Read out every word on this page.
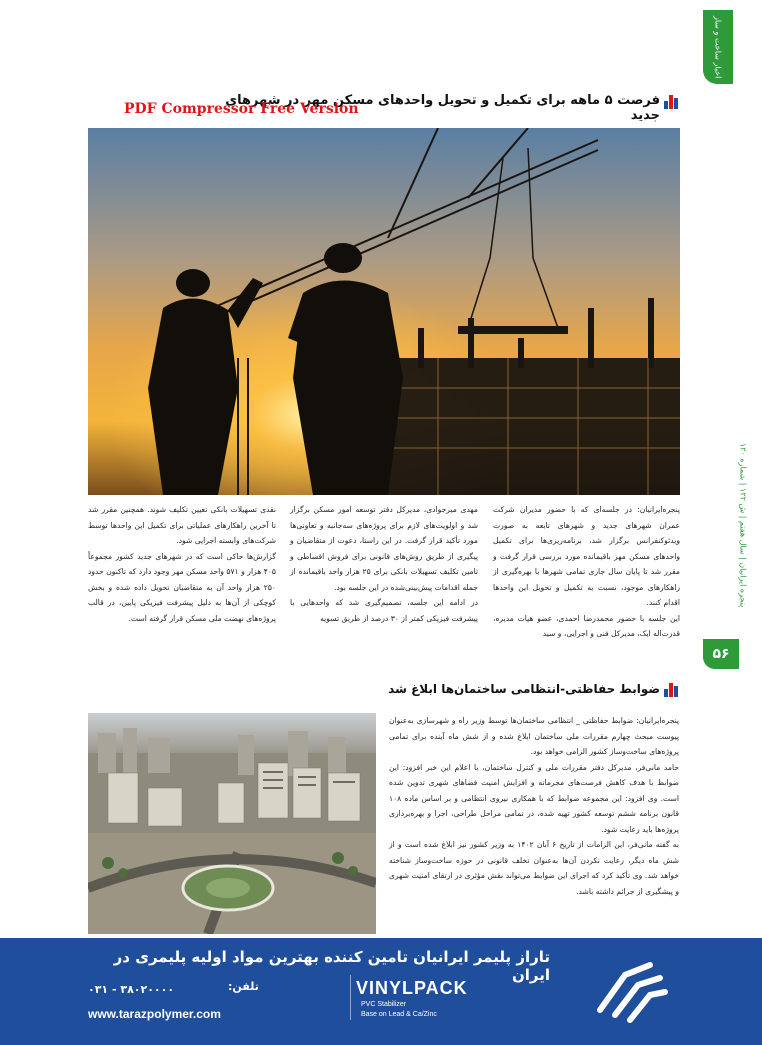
اخبار ساخت و ساز
پنجره ایرانیان | سال هفتم | ش ۱۲۲ | شماره ۱۲۰
۵۶
فرصت ۵ ماهه برای تکمیل و تحویل واحدهای مسکن مهر در شهرهای جدید
PDF Compressor Free Version

پنجره‌ایرانیان: در جلسه‌ای که با حضور مدیران شرکت عمران شهرهای جدید و شهرهای تابعه به صورت ویدئوکنفرانس برگزار شد، برنامه‌ریزی‌ها برای تکمیل واحدهای مسکن مهر باقیمانده مورد بررسی قرار گرفت و مقرر شد تا پایان سال جاری تمامی شهرها با بهره‌گیری از راهکارهای موجود، نسبت به تکمیل و تحویل این واحدها اقدام کنند.

این جلسه با حضور محمدرضا احمدی، عضو هیات مدیره، قدرت‌اله ایک، مدیرکل فنی و اجرایی، و سید

مهدی میرجوادی، مدیرکل دفتر توسعه امور مسکن برگزار شد و اولویت‌های لازم برای پروژه‌های سه‌جانبه و تعاونی‌ها مورد تأکید قرار گرفت. در این راستا، دعوت از متقاضیان و پیگیری از طریق روش‌های قانونی برای فروش اقساطی و تامین تکلیف تسهیلات بانکی برای ۲۵ هزار واحد باقیمانده از جمله اقدامات پیش‌بینی‌شده در این جلسه بود.

در ادامه این جلسه، تصمیم‌گیری شد که واحدهایی با پیشرفت فیزیکی کمتر از ۳۰ درصد از طریق تسویه

نقدی تسهیلات بانکی تعیین تکلیف شوند. همچنین مقرر شد تا آخرین راهکارهای عملیاتی برای تکمیل این واحدها توسط شرکت‌های وابسته اجرایی شود.

گزارش‌ها حاکی است که در شهرهای جدید کشور مجموعاً ۴۰۵ هزار و ۵۷۱ واحد مسکن مهر وجود دارد که تاکنون حدود ۲۵۰ هزار واحد آن به متقاضیان تحویل داده شده و بخش کوچکی از آن‌ها به دلیل پیشرفت فیزیکی پایین، در قالب پروژه‌های نهضت ملی مسکن قرار گرفته است.

ضوابط حفاظتی-انتظامی ساختمان‌ها ابلاغ شد

پنجره‌ایرانیان: ضوابط حفاظتی _ انتظامی ساختمان‌ها توسط وزیر راه و شهرسازی به‌عنوان پیوست مبحث چهارم مقررات ملی ساختمان ابلاغ شده و از شش ماه آینده برای تمامی پروژه‌های ساخت‌وساز کشور الزامی خواهد بود.

حامد مانی‌فر، مدیرکل دفتر مقررات ملی و کنترل ساختمان، با اعلام این خبر افزود: این ضوابط با هدف کاهش فرصت‌های مجرمانه و افزایش امنیت فضاهای شهری تدوین شده است. وی افزود: این مجموعه ضوابط که با همکاری نیروی انتظامی و بر اساس ماده ۱۰۸ قانون برنامه ششم توسعه کشور تهیه شده، در تمامی مراحل طراحی، اجرا و بهره‌برداری پروژه‌ها باید رعایت شود.

به گفته مانی‌فر، این الزامات از تاریخ ۶ آبان ۱۴۰۲ به وزیر کشور نیز ابلاغ شده است و از شش ماه دیگر، رعایت نکردن آن‌ها به‌عنوان تخلف قانونی در حوزه ساخت‌وساز شناخته خواهد شد. وی تأکید کرد که اجرای این ضوابط می‌تواند نقش مؤثری در ارتقای امنیت شهری و پیشگیری از جرائم داشته باشد.

تاراز پلیمر ایرانیان تامین کننده بهترین مواد اولیه پلیمری در ایران
تلفن:
۰۳۱ - ۳۸۰۲۰۰۰۰
www.tarazpolymer.com
VINYLPACK
PVC Stabilizer
Base on Lead & Ca/Zinc
